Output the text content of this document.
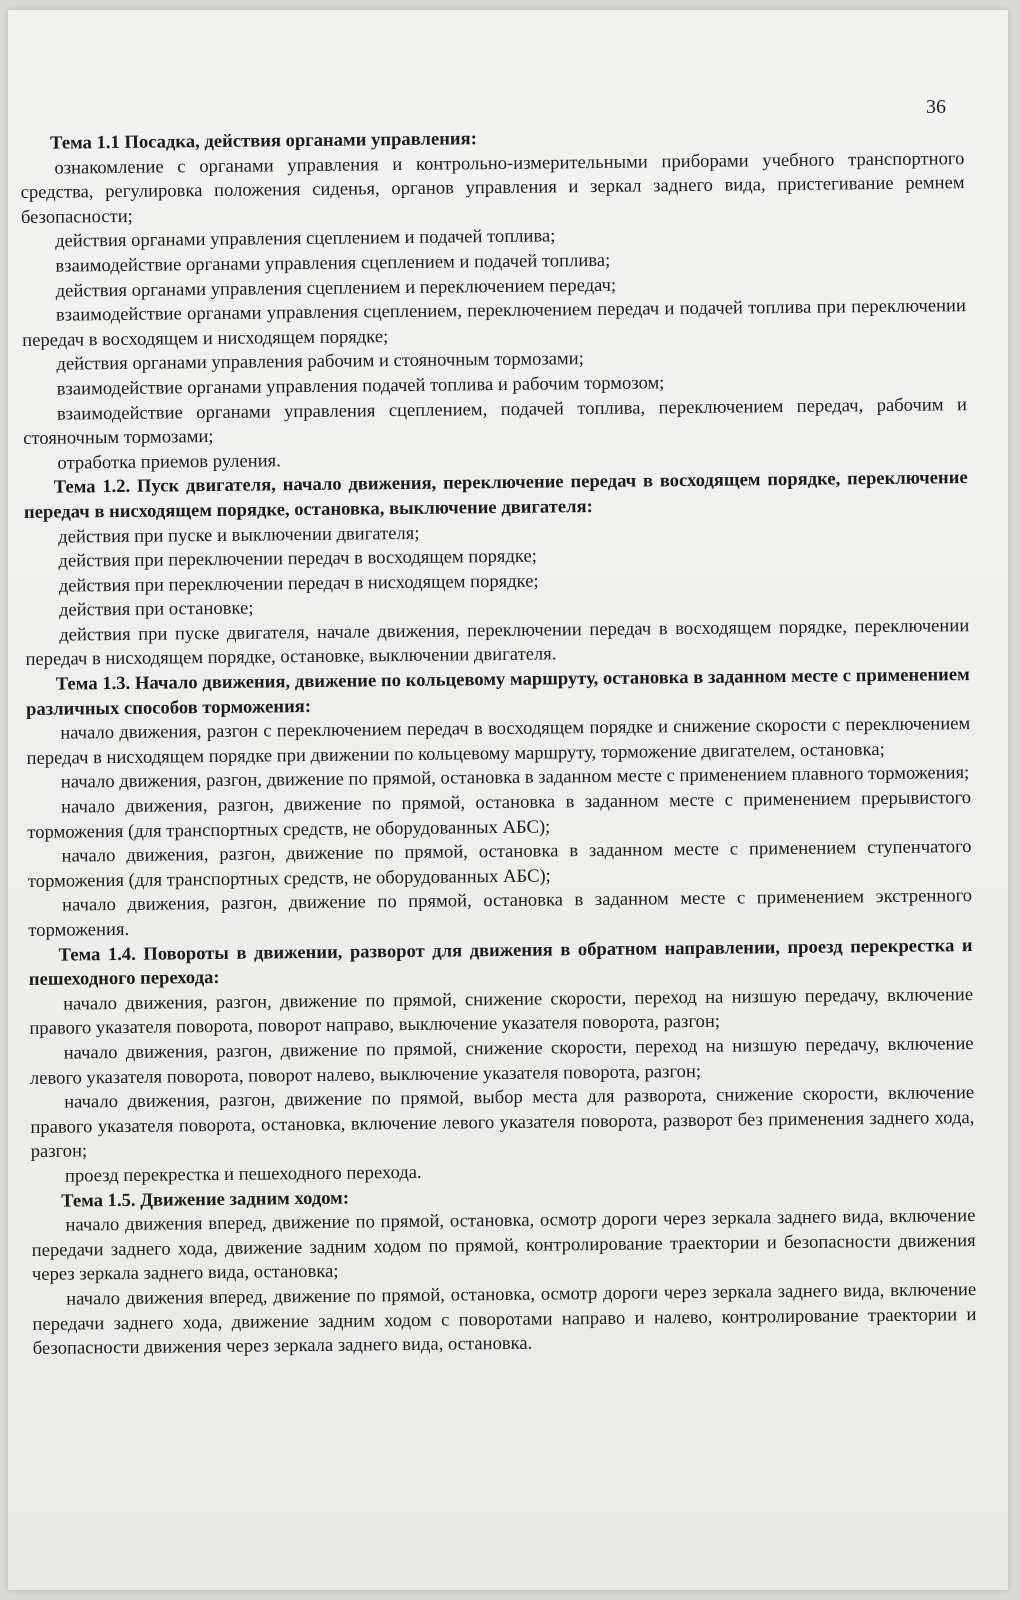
36
Тема 1.1 Посадка, действия органами управления:

ознакомление с органами управления и контрольно-измерительными приборами учебного транспортного средства, регулировка положения сиденья, органов управления и зеркал заднего вида, пристегивание ремнем безопасности;

действия органами управления сцеплением и подачей топлива;

взаимодействие органами управления сцеплением и подачей топлива;

действия органами управления сцеплением и переключением передач;

взаимодействие органами управления сцеплением, переключением передач и подачей топлива при переключении передач в восходящем и нисходящем порядке;

действия органами управления рабочим и стояночным тормозами;

взаимодействие органами управления подачей топлива и рабочим тормозом;

взаимодействие органами управления сцеплением, подачей топлива, переключением передач, рабочим и стояночным тормозами;

отработка приемов руления.

Тема 1.2. Пуск двигателя, начало движения, переключение передач в восходящем порядке, переключение передач в нисходящем порядке, остановка, выключение двигателя:

действия при пуске и выключении двигателя;

действия при переключении передач в восходящем порядке;

действия при переключении передач в нисходящем порядке;

действия при остановке;

действия при пуске двигателя, начале движения, переключении передач в восходящем порядке, переключении передач в нисходящем порядке, остановке, выключении двигателя.

Тема 1.3. Начало движения, движение по кольцевому маршруту, остановка в заданном месте с применением различных способов торможения:

начало движения, разгон с переключением передач в восходящем порядке и снижение скорости с переключением передач в нисходящем порядке при движении по кольцевому маршруту, торможение двигателем, остановка;

начало движения, разгон, движение по прямой, остановка в заданном месте с применением плавного торможения;

начало движения, разгон, движение по прямой, остановка в заданном месте с применением прерывистого торможения (для транспортных средств, не оборудованных АБС);

начало движения, разгон, движение по прямой, остановка в заданном месте с применением ступенчатого торможения (для транспортных средств, не оборудованных АБС);

начало движения, разгон, движение по прямой, остановка в заданном месте с применением экстренного торможения.

Тема 1.4. Повороты в движении, разворот для движения в обратном направлении, проезд перекрестка и пешеходного перехода:

начало движения, разгон, движение по прямой, снижение скорости, переход на низшую передачу, включение правого указателя поворота, поворот направо, выключение указателя поворота, разгон;

начало движения, разгон, движение по прямой, снижение скорости, переход на низшую передачу, включение левого указателя поворота, поворот налево, выключение указателя поворота, разгон;

начало движения, разгон, движение по прямой, выбор места для разворота, снижение скорости, включение правого указателя поворота, остановка, включение левого указателя поворота, разворот без применения заднего хода, разгон;

проезд перекрестка и пешеходного перехода.

Тема 1.5. Движение задним ходом:

начало движения вперед, движение по прямой, остановка, осмотр дороги через зеркала заднего вида, включение передачи заднего хода, движение задним ходом по прямой, контролирование траектории и безопасности движения через зеркала заднего вида, остановка;

начало движения вперед, движение по прямой, остановка, осмотр дороги через зеркала заднего вида, включение передачи заднего хода, движение задним ходом с поворотами направо и налево, контролирование траектории и безопасности движения через зеркала заднего вида, остановка.
